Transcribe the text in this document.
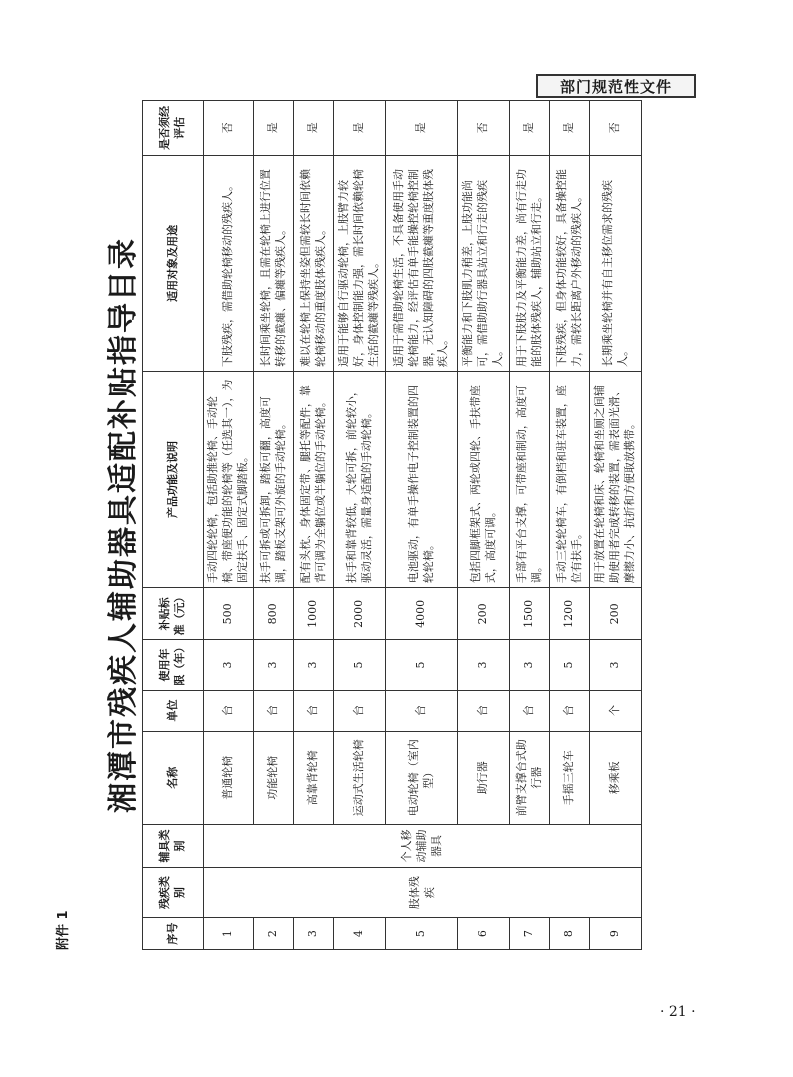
部门规范性文件
· 21 ·
附件 1
湘潭市残疾人辅助器具适配补贴指导目录
序号	残疾类别	辅具类别	名称	单位	使用年限（年）	补贴标准（元）	产品功能及说明	适用对象及用途	是否须经评估
1	肢体残疾	个人移动辅助器具	普通轮椅	台	3	500	手动四轮轮椅，包括助推轮椅、手动轮椅、带座便功能的轮椅等（任选其一），为固定扶手、固定式脚踏板。	下肢残疾，需借助轮椅移动的残疾人。	否
2			功能轮椅	台	3	800	扶手可拆或可拆卸，踏板可翻，高度可调，踏板支架可外旋的手动轮椅。	长时间乘坐轮椅，且需在轮椅上进行位置转移的截瘫、偏瘫等残疾人。	是
3			高靠背轮椅	台	3	1000	配有头枕、身体固定带、腿托等配件，靠背可调为全躺位或半躺位的手动轮椅。	难以在轮椅上保持坐姿但需较长时间依赖轮椅移动的重度肢体残疾人。	是
4			运动式生活轮椅	台	5	2000	扶手和靠背较低，大轮可拆，前轮较小，驱动灵活，需量身适配的手动轮椅。	适用于能够自行驱动轮椅，上肢臂力较好，身体控制能力强，需长时间依赖轮椅生活的截瘫等残疾人。	是
5			电动轮椅（室内型）	台	5	4000	电池驱动，有单手操作电子控制装置的四轮轮椅。	适用于需借助轮椅生活，不具备使用手动轮椅能力，经评估有单手能操控轮椅控制器，无认知障碍的四肢截瘫等重度肢体残疾人。	是
6			助行器	台	3	200	包括四脚框架式、两轮或四轮、手扶带座式，高度可调。	平衡能力和下肢肌力稍差，上肢功能尚可，需借助助行器具站立和行走的残疾人。	否
7			前臂支撑台式助行器	台	3	1500	手部有平台支撑，可带座和制动，高度可调。	用于下肢肢力及平衡能力差，尚有行走功能的肢体残疾人，辅助站立和行走。	是
8			手摇三轮车	台	5	1200	手动三轮轮椅车，有倒档和驻车装置，座位有扶手。	下肢残疾，但身体功能较好，具备操控能力，需较长距离户外移动的残疾人。	是
9			移乘板	个	3	200	用于放置在轮椅和床、轮椅和坐厕之间辅助使用者完成转移的装置，需表面光滑、摩擦力小、抗折和方便取放携带。	长期乘坐轮椅并有自主移位需求的残疾人。	否
